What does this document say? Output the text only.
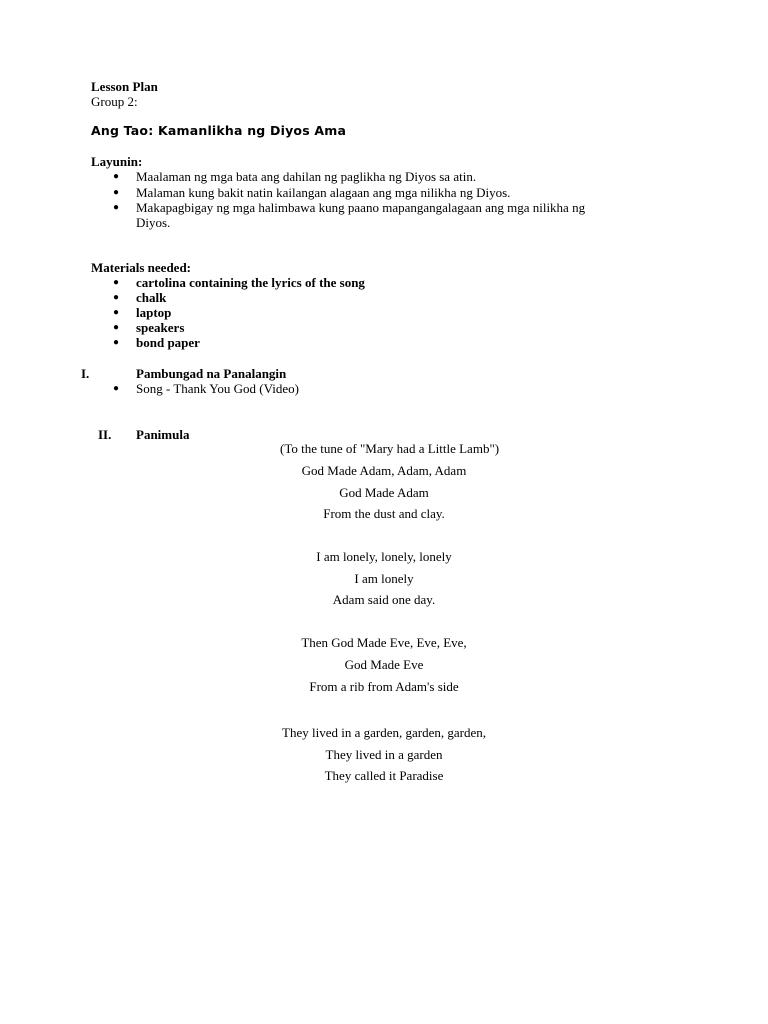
Lesson Plan
Group 2:
Ang Tao: Kamanlikha ng Diyos Ama
Layunin:
● Maalaman ng mga bata ang dahilan ng paglikha ng Diyos sa atin.
● Malaman kung bakit natin kailangan alagaan ang mga nilikha ng Diyos.
● Makapagbigay ng mga halimbawa kung paano mapangangalagaan ang mga nilikha ng
Diyos.
Materials needed:
● cartolina containing the lyrics of the song
● chalk
● laptop
● speakers
● bond paper
I.	Pambungad na Panalangin
● Song - Thank You God (Video)
II. Panimula
(To the tune of "Mary had a Little Lamb")
God Made Adam, Adam, Adam
God Made Adam
From the dust and clay.
I am lonely, lonely, lonely
I am lonely
Adam said one day.
Then God Made Eve, Eve, Eve,
God Made Eve
From a rib from Adam's side
They lived in a garden, garden, garden,
They lived in a garden
They called it Paradise
